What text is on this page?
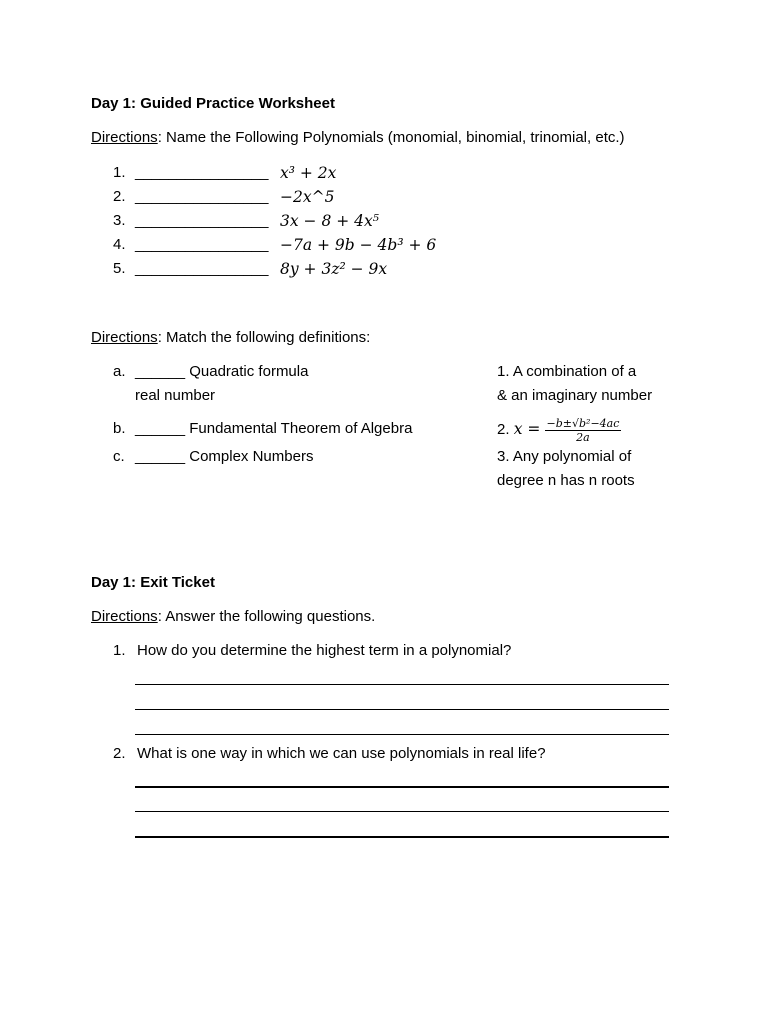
Day 1: Guided Practice Worksheet
Directions: Name the Following Polynomials (monomial, binomial, trinomial, etc.)
1. ________________ x³ + 2x
2. ________________ −2x^5
3. ________________ 3x − 8 + 4x⁵
4. ________________ −7a + 9b − 4b³ + 6
5. ________________ 8y + 3z² − 9x
Directions: Match the following definitions:
a. ______ Quadratic formula
real number
b. ______ Fundamental Theorem of Algebra
c. ______ Complex Numbers
1. A combination of a
& an imaginary number
2. $x = \frac{\text{−b±√b²−4ac}}{2a}$
3. Any polynomial of
degree n has n roots
Day 1: Exit Ticket
Directions: Answer the following questions.
1. How do you determine the highest term in a polynomial?
2. What is one way in which we can use polynomials in real life?
